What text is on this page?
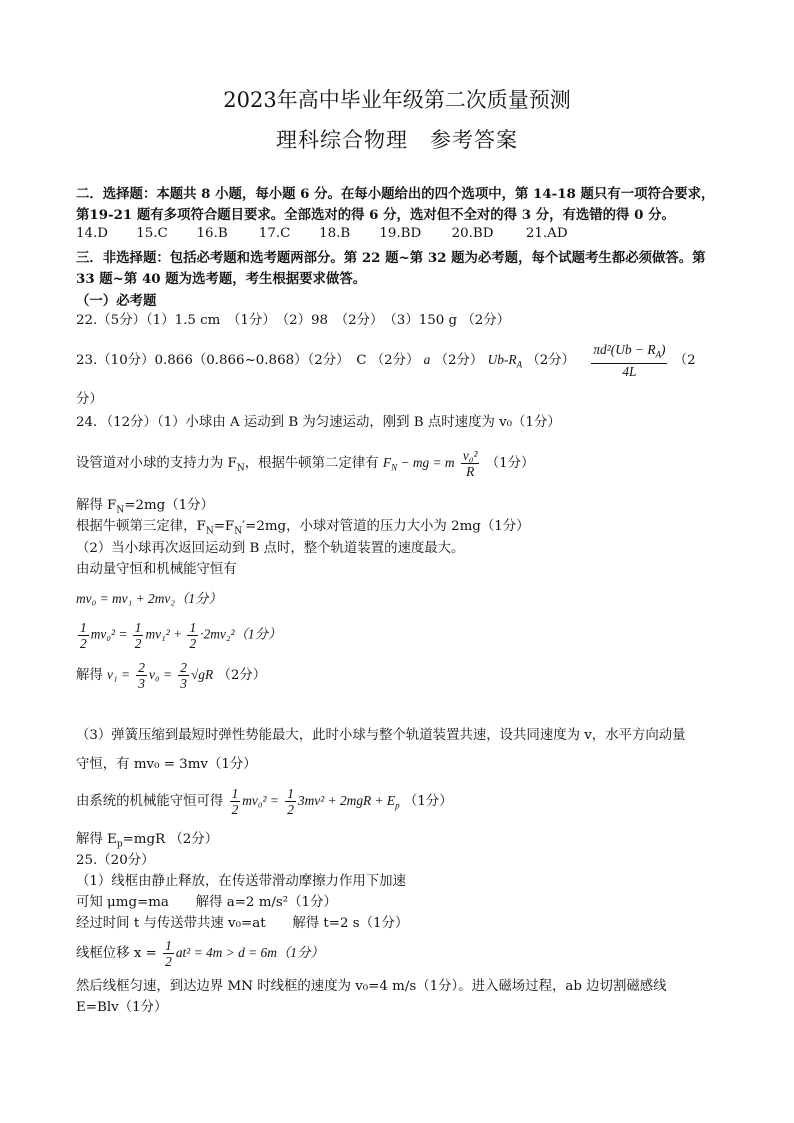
2023年高中毕业年级第二次质量预测
理科综合物理　参考答案
二．选择题：本题共 8 小题，每小题 6 分。在每小题给出的四个选项中，第 14-18 题只有一项符合要求，
第19-21 题有多项符合题目要求。全部选对的得 6 分，选对但不全对的得 3 分，有选错的得 0 分。
14.D 15.C 16.B 17.C 18.B 19.BD 20.BD 21.AD
三．非选择题：包括必考题和选考题两部分。第 22 题~第 32 题为必考题，每个试题考生都必须做答。第
33 题~第 40 题为选考题，考生根据要求做答。
（一）必考题
22.（5分）（1）1.5 cm　（1分）　（2）98　（2分）　（3）150 g （2分）
23.（10分）0.866（0.866~0.868）（2分）　C （2分） a （2分） $Ub-R_A$ （2分） $\frac{\pi d^2(Ub - R_A)}{4L} (2$
分）
24．（12分）（1）小球由 A 运动到 B 为匀速运动，刚到 B 点时速度为 v₀（1分）
设管道对小球的支持力为 $F_N$，根据牛顿第二定律有 $F_N$ − mg = m $\frac{\text{v₀²}}{R} (1$分）
解得 $F_N=2mg(1$分）
根据牛顿第三定律，$F_N=F_N'=2mg$，小球对管道的压力大小为 2mg（1分）
（2）当小球再次返回运动到 B 点时，整个轨道装置的速度最大。
由动量守恒和机械能守恒有
mv₀ = mv₁ + 2mv₂（1分）
$\frac{1}{2} mv_0^2 = \frac{1}{2} mv_1^2 + \frac{1}{2} \cdot 2mv_2^2(1$分）
解得 $v_1 = \frac{2}{3} v_0 = \frac{2}{3} √gR$ （2分）
（3）弹簧压缩到最短时弹性势能最大，此时小球与整个轨道装置共速，设共同速度为 v，水平方向动量
守恒，有 mv₀ = 3mv（1分）
由系统的机械能守恒可得 $\frac{1}{2} mv_0^2 = \frac{1}{2} 3mv^2 + 2mgR + E_p$ （1分）
解得 $E_p=mgR$ （2分）
25.（20分）
（1）线框由静止释放，在传送带滑动摩擦力作用下加速
可知 μmg=ma　　解得 a=2 m/s²（1分）
经过时间 t 与传送带共速 v₀=at　　解得 t=2 s（1分）
线框位移 $x = \frac{1}{2} at^2 = 4m > d = 6m(1$分）
然后线框匀速，到达边界 MN 时线框的速度为 v₀=4 m/s（1分）。进入磁场过程，ab 边切割磁感线
E=Blv（1分）
